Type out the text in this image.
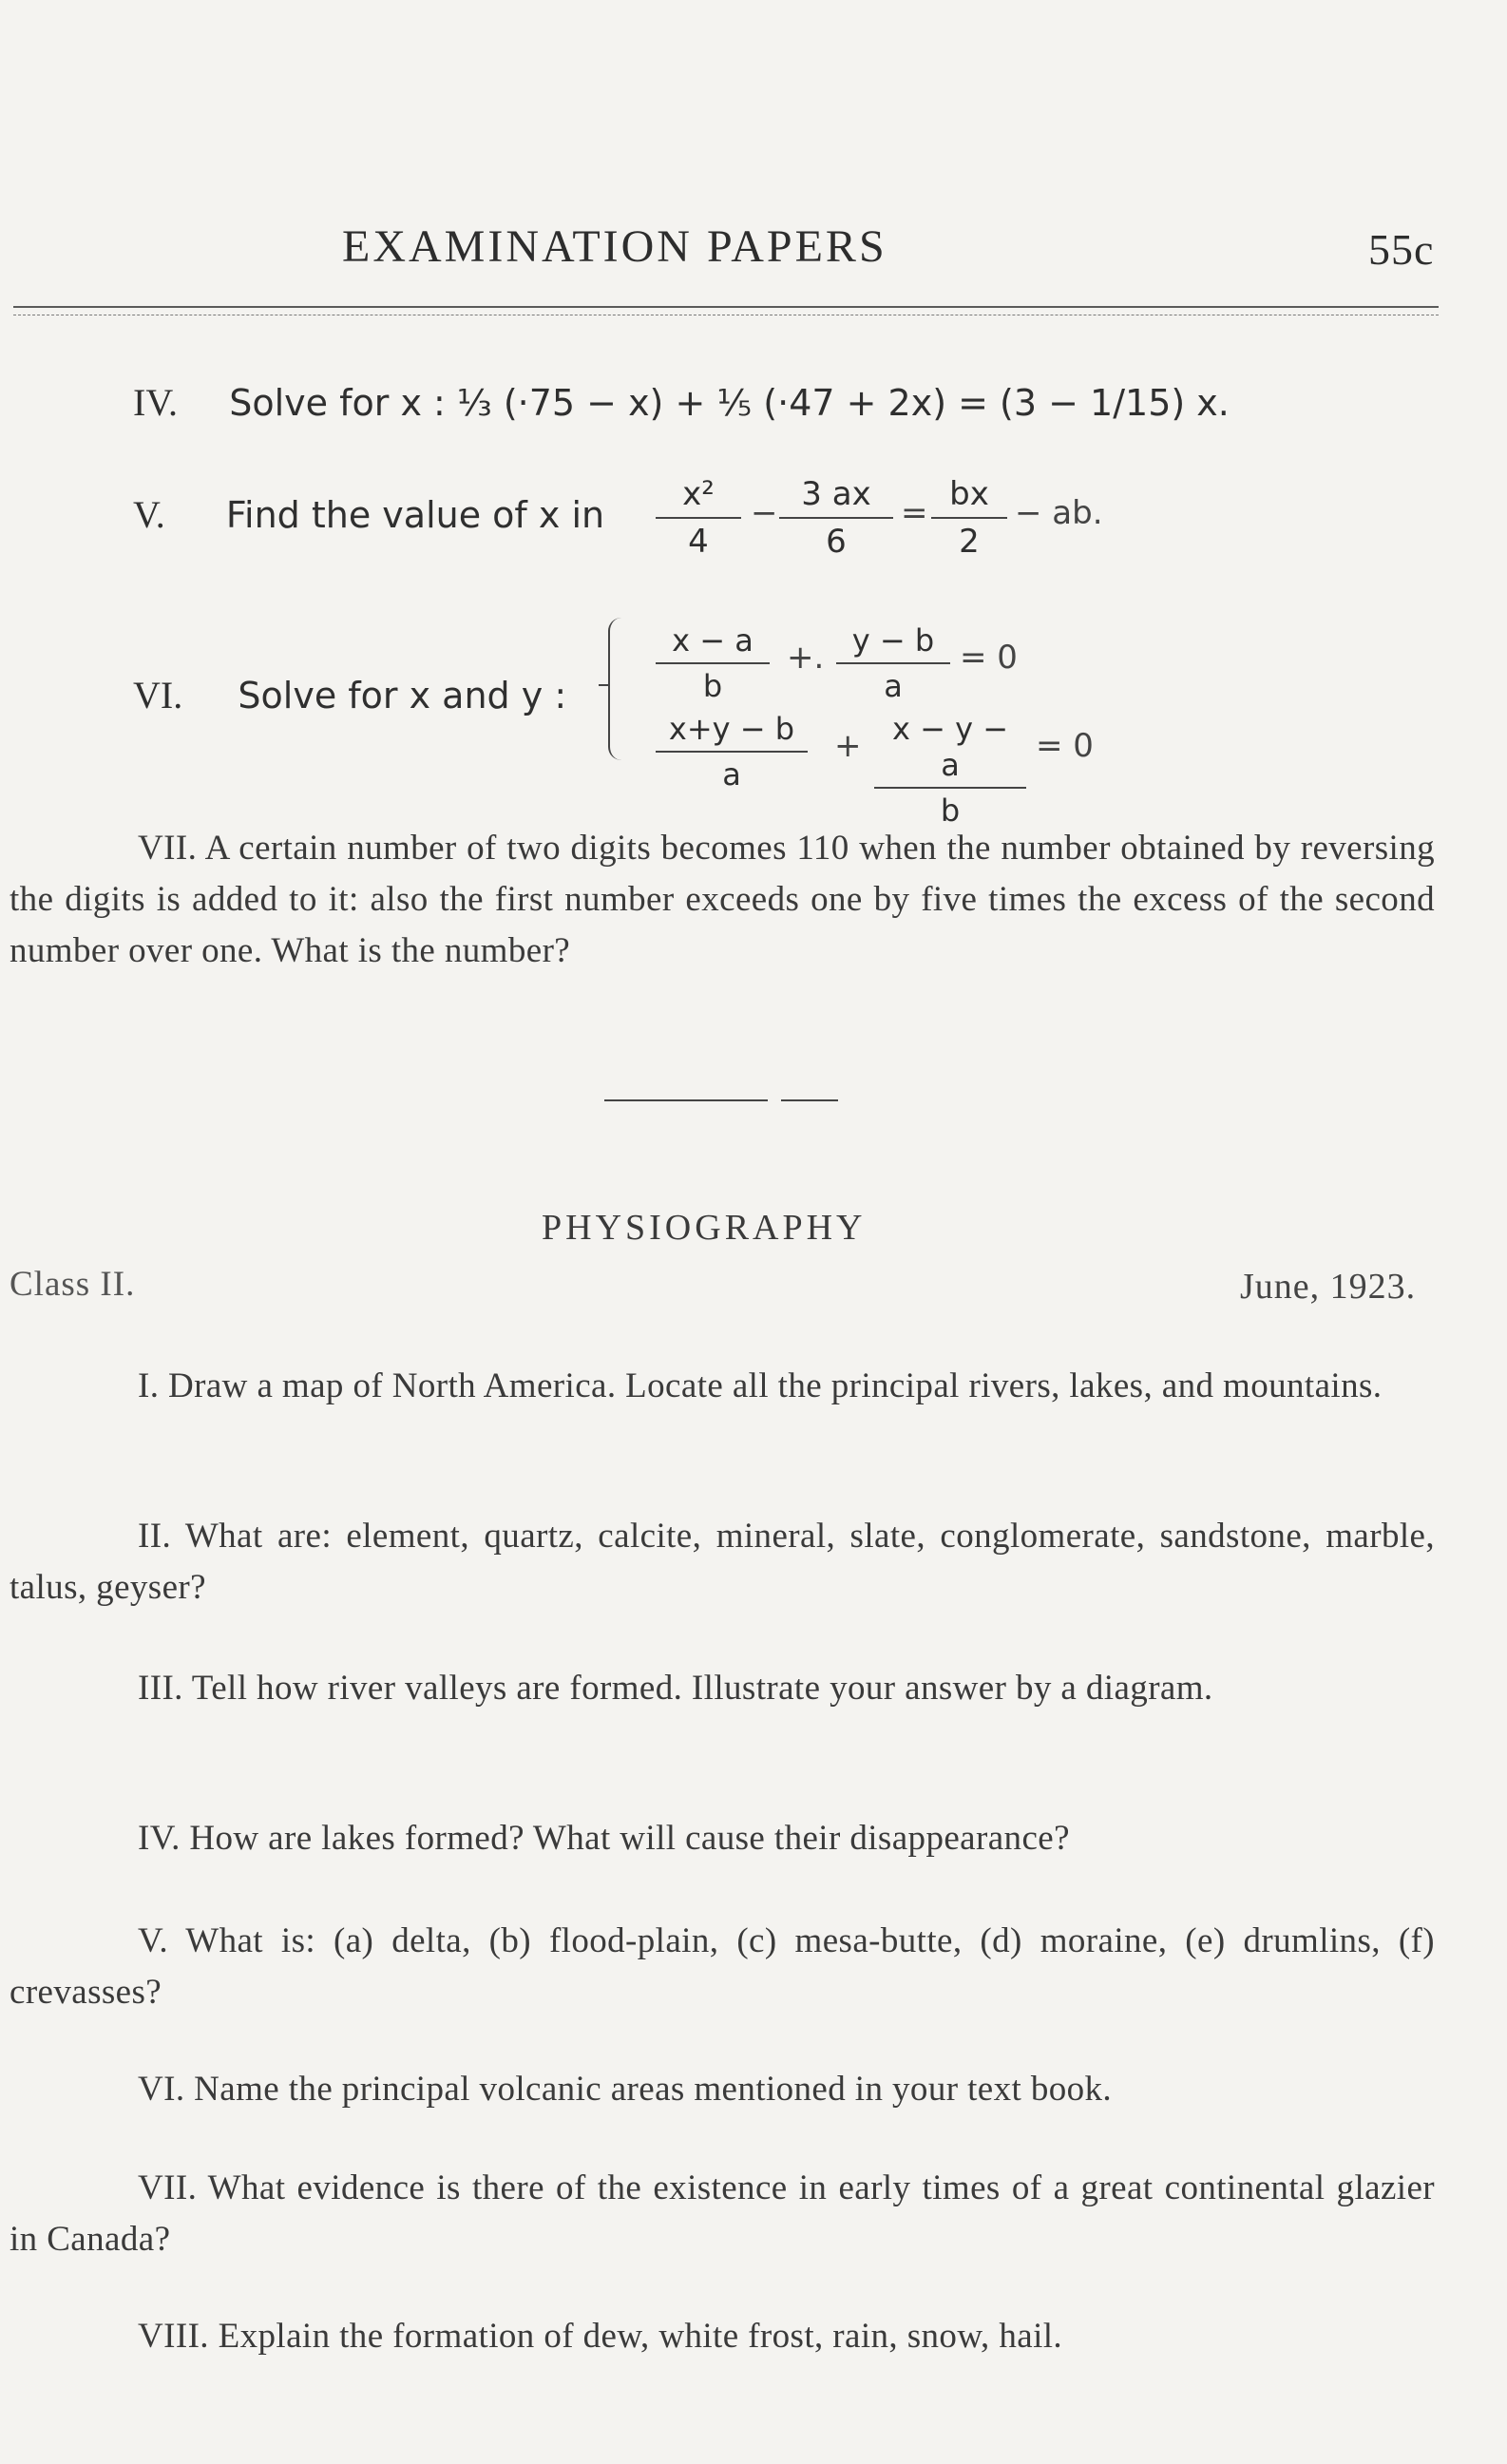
EXAMINATION PAPERS	55c
IV. Solve for x : ⅓ (·75 − x) + ⅕ (·47 + 2x) = (3 − 1/15) x.
V. Find the value of x in $\frac{\text{x²}}{4} - \frac{3 ax}{6} = \frac{bx}{2}$ − ab.
VI. Solve for x and y :	$\frac{x - a}{b}$ +. $\frac{y - b}{a} = 0$
$\frac{x+y - b}{a} + \frac{x - y - a}{b} = 0$
VII. A certain number of two digits becomes 110 when the number obtained by reversing the digits is added to it: also the first number exceeds one by five times the excess of the second number over one. What is the number?
PHYSIOGRAPHY
Class II.	June, 1923.
I. Draw a map of North America. Locate all the principal rivers, lakes, and mountains.
II. What are: element, quartz, calcite, mineral, slate, conglomerate, sandstone, marble, talus, geyser?
III. Tell how river valleys are formed. Illustrate your answer by a diagram.
IV. How are lakes formed? What will cause their disappearance?
V. What is: (a) delta, (b) flood-plain, (c) mesa-butte, (d) moraine, (e) drumlins, (f) crevasses?
VI. Name the principal volcanic areas mentioned in your text book.
VII. What evidence is there of the existence in early times of a great continental glazier in Canada?
VIII. Explain the formation of dew, white frost, rain, snow, hail.
